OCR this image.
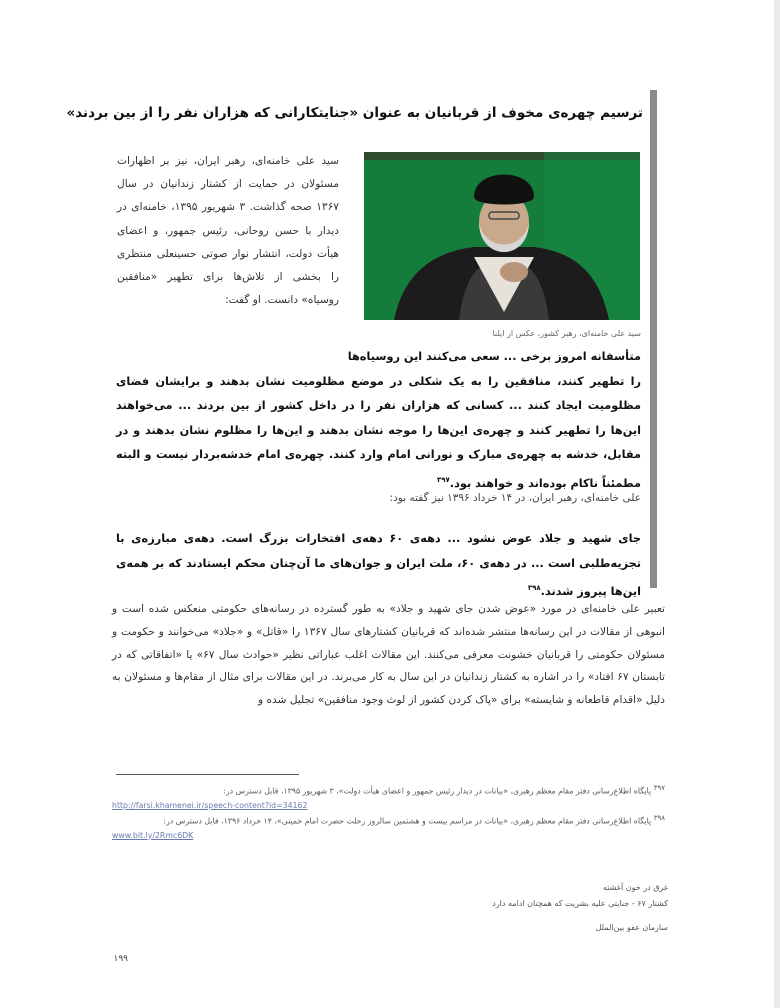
ترسیم چهره‌ی مخوف از قربانیان به عنوان «جنایتکارانی که هزاران نفر را از بین بردند»
سید علی خامنه‌ای، رهبر کشور، عکس از ایلنا
سید علی خامنه‌ای، رهبر ایران، نیز بر اظهارات مسئولان در حمایت از کشتار زندانیان در سال ۱۳۶۷ صحه گذاشت. ۳ شهریور ۱۳۹۵، خامنه‌ای در دیدار با حسن روحانی، رئیس جمهور، و اعضای هیأت دولت، انتشار نوار صوتی حسینعلی منتظری را بخشی از تلاش‌ها برای تطهیر «منافقین روسیاه» دانست. او گفت:
متأسفانه امروز برخی ... سعی می‌کنند این روسیاه‌ها
را تطهیر کنند، منافقین را به یک شکلی در موضع مظلومیت نشان بدهند و برایشان فضای مظلومیت ایجاد کنند ... کسانی که هزاران نفر را در داخل کشور از بین بردند ... می‌خواهند این‌ها را تطهیر کنند و چهره‌ی این‌ها را موجه نشان بدهند و این‌ها را مظلوم نشان بدهند و در مقابل، خدشه به چهره‌ی مبارک و نورانی امام وارد کنند. چهره‌ی امام خدشه‌بردار نیست و البته مطمئناً ناکام بوده‌اند و خواهند بود.$^{۳۹۷}$
علی خامنه‌ای، رهبر ایران، در ۱۴ خرداد ۱۳۹۶ نیز گفته بود:
جای شهید و جلاد عوض نشود ... دهه‌ی ۶۰ دهه‌ی افتخارات بزرگ است. دهه‌ی مبارزه‌ی با تجزیه‌طلبی است ... در دهه‌ی ۶۰، ملت ایران و جوان‌های ما آن‌چنان محکم ایستادند که بر همه‌ی این‌ها پیروز شدند.$^{۳۹۸}$
تعبیر علی خامنه‌ای در مورد «عوض شدن جای شهید و جلاد» به طور گسترده در رسانه‌های حکومتی منعکس شده است و انبوهی از مقالات در این رسانه‌ها منتشر شده‌اند که قربانیان کشتارهای سال ۱۳۶۷ را «قاتل» و «جلاد» می‌خوانند و حکومت و مسئولان حکومتی را قربانیان خشونت معرفی می‌کنند. این مقالات اغلب عباراتی نظیر «حوادث سال ۶۷» یا «اتفاقاتی که در تابستان ۶۷ افتاد» را در اشاره به کشتار زندانیان در این سال به کار می‌برند. در این مقالات برای مثال از مقام‌ها و مسئولان به دلیل «اقدام قاطعانه و شایسته» برای «پاک کردن کشور از لوث وجود منافقین» تجلیل شده و
$^{۳۹۷}$ پایگاه اطلاع‌رسانی دفتر مقام معظم رهبری، «بیانات در دیدار رئیس جمهور و اعضای هیأت دولت»، ۳ شهریور ۱۳۹۵، قابل دسترس در:
http://farsi.khamenei.ir/speech-content?id=34162
$^{۳۹۸}$ پایگاه اطلاع‌رسانی دفتر مقام معظم رهبری، «بیانات در مراسم بیست و هشتمین سالروز رحلت حضرت امام خمینی»، ۱۴ خرداد ۱۳۹۶، قابل دسترس در:
www.bit.ly/2Rmc6DK
غرق در خون آغشته
کشتار ۶۷ - جنایتی علیه بشریت که همچنان ادامه دارد
سازمان عفو بین‌الملل
۱۹۹
